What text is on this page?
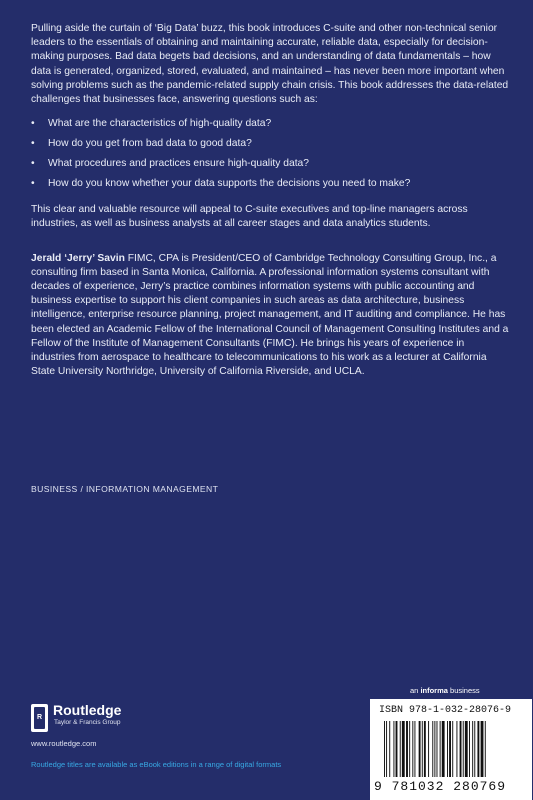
Pulling aside the curtain of ‘Big Data’ buzz, this book introduces C-suite and other non-technical senior leaders to the essentials of obtaining and maintaining accurate, reliable data, especially for decision-making purposes. Bad data begets bad decisions, and an understanding of data fundamentals – how data is generated, organized, stored, evaluated, and maintained – has never been more important when solving problems such as the pandemic-related supply chain crisis. This book addresses the data-related challenges that businesses face, answering questions such as:

• What are the characteristics of high-quality data?
• How do you get from bad data to good data?
• What procedures and practices ensure high-quality data?
• How do you know whether your data supports the decisions you need to make?

This clear and valuable resource will appeal to C-suite executives and top-line managers across industries, as well as business analysts at all career stages and data analytics students.

Jerald ‘Jerry’ Savin FIMC, CPA is President/CEO of Cambridge Technology Consulting Group, Inc., a consulting firm based in Santa Monica, California. A professional information systems consultant with decades of experience, Jerry’s practice combines information systems with public accounting and business expertise to support his client companies in such areas as data architecture, business intelligence, enterprise resource planning, project management, and IT auditing and compliance. He has been elected an Academic Fellow of the International Council of Management Consulting Institutes and a Fellow of the Institute of Management Consultants (FIMC). He brings his years of experience in industries from aerospace to healthcare to telecommunications to his work as a lecturer at California State University Northridge, University of California Riverside, and UCLA.

BUSINESS / INFORMATION MANAGEMENT
R Routledge
Taylor & Francis Group
www.routledge.com
Routledge titles are available as eBook editions in a range of digital formats
an informa business
ISBN 978-1-032-28076-9
9 781032 280769
